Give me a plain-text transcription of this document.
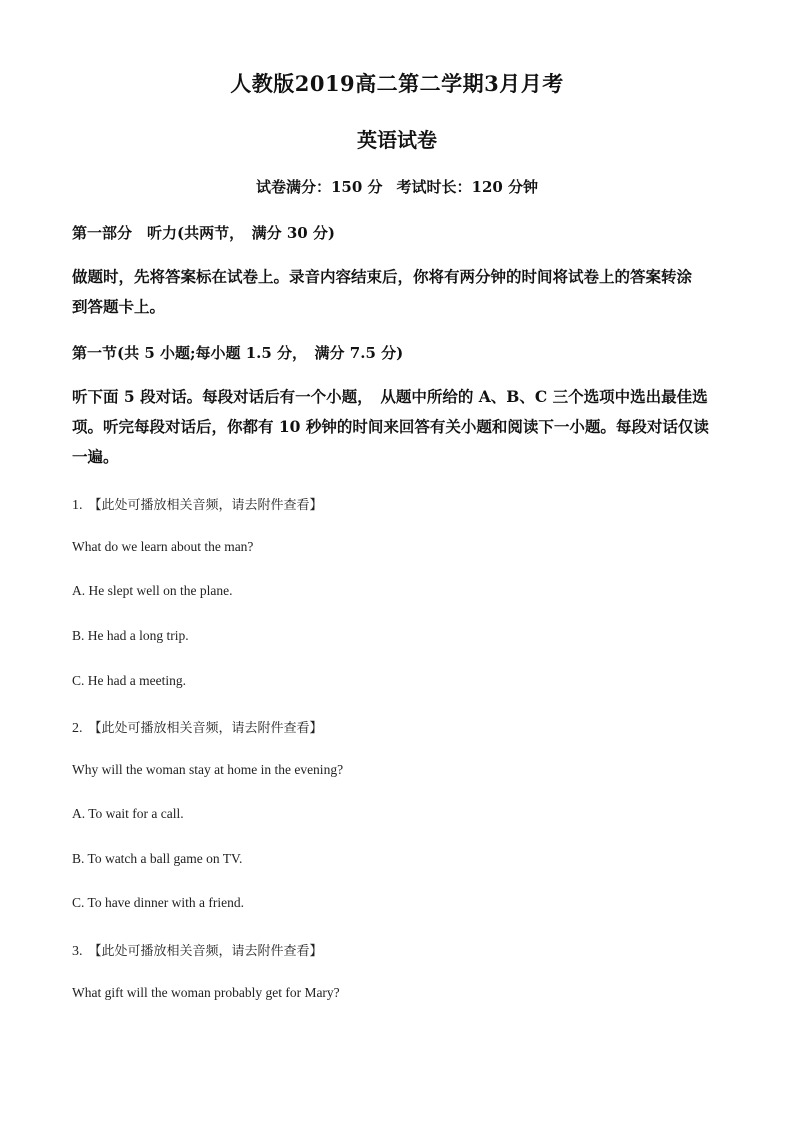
人教版2019高二第二学期3月月考
英语试卷
试卷满分：150 分 考试时长：120 分钟
第一部分　听力(共两节，　满分 30 分)
做题时，先将答案标在试卷上。录音内容结束后，你将有两分钟的时间将试卷上的答案转涂
到答题卡上。
第一节(共 5 小题;每小题 1.5 分，　满分 7.5 分)
听下面 5 段对话。每段对话后有一个小题，　从题中所给的 A、B、C 三个选项中选出最佳选
项。听完每段对话后，你都有 10 秒钟的时间来回答有关小题和阅读下一小题。每段对话仅读
一遍。
1. 【此处可播放相关音频，请去附件查看】
What do we learn about the man?
A. He slept well on the plane.
B. He had a long trip.
C. He had a meeting.
2. 【此处可播放相关音频，请去附件查看】
Why will the woman stay at home in the evening?
A. To wait for a call.
B. To watch a ball game on TV.
C. To have dinner with a friend.
3. 【此处可播放相关音频，请去附件查看】
What gift will the woman probably get for Mary?
